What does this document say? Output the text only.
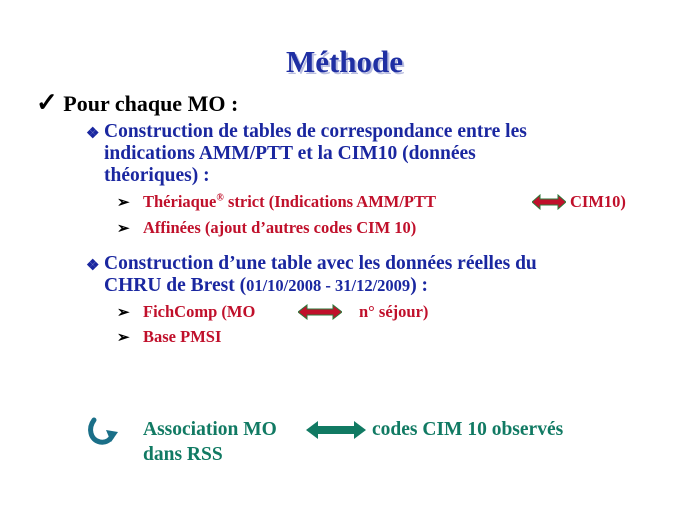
Méthode
✓ Pour chaque MO :
❖ Construction de tables de correspondance entre les
indications AMM/PTT et la CIM10 (données
théoriques) :
➢ Thériaque® strict (Indications AMM/PTT	CIM10)
➢ Affinées (ajout d’autres codes CIM 10)
❖ Construction d’une table avec les données réelles du
CHRU de Brest (01/10/2008 - 31/12/2009) :
➢ FichComp (MO	n° séjour)
➢ Base PMSI
Association MO	codes CIM 10 observés
dans RSS
